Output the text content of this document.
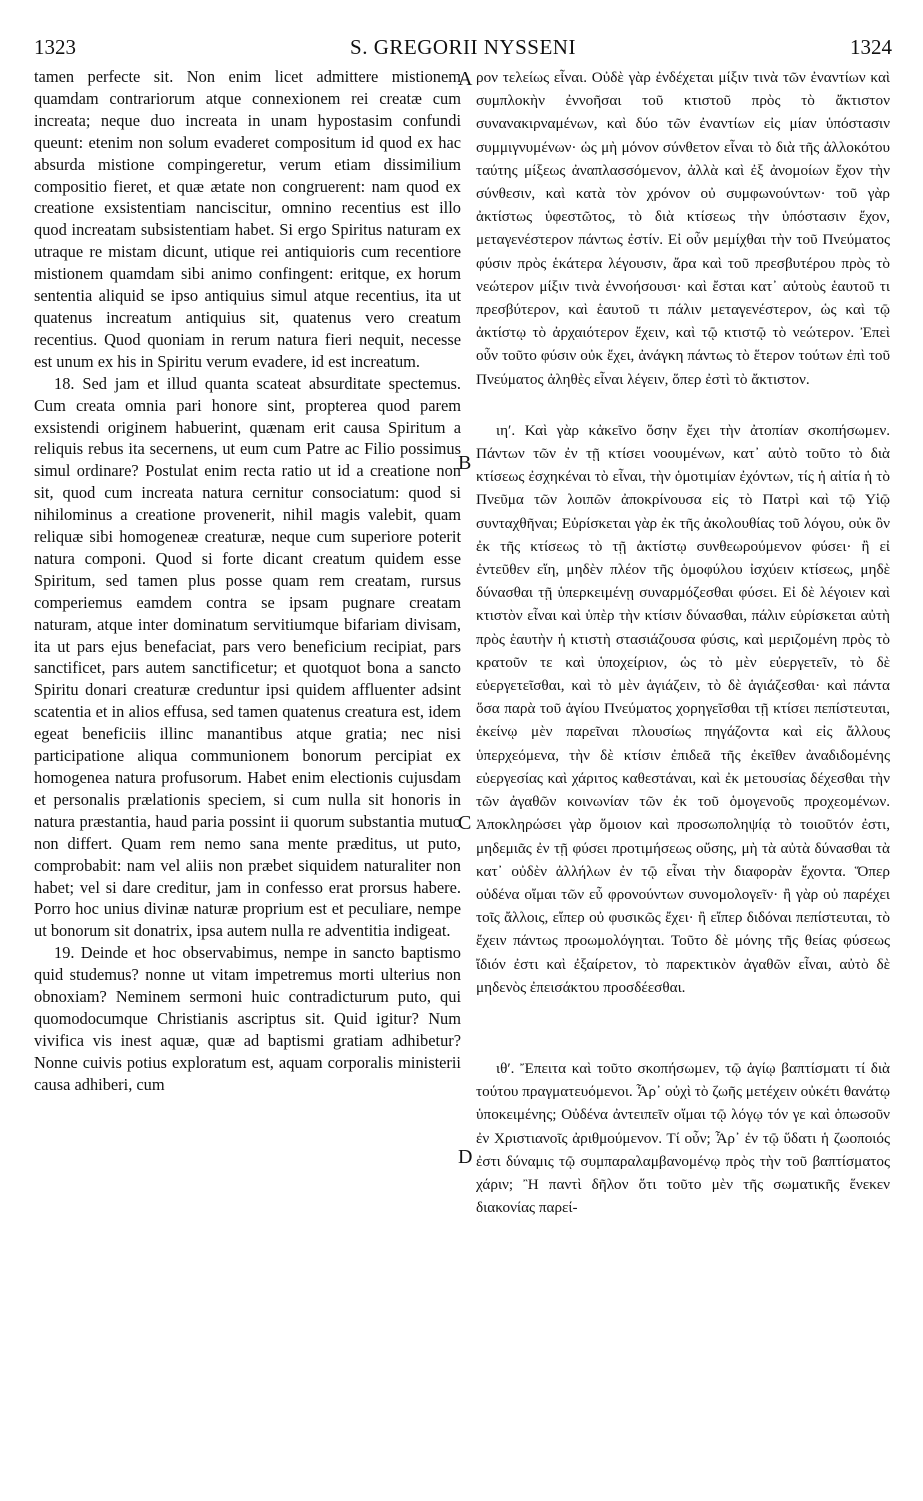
1323	S. GREGORII NYSSENI	1324

tamen perfecte sit. Non enim licet admittere mistionem quamdam contrariorum atque connexionem rei creatæ cum increata; neque duo increata in unam hypostasim confundi queunt: etenim non solum evaderet compositum id quod ex hac absurda mistione compingeretur, verum etiam dissimilium compositio fieret, et quæ ætate non congruerent: nam quod ex creatione exsistentiam nanciscitur, omnino recentius est illo quod increatam subsistentiam habet. Si ergo Spiritus naturam ex utraque re mistam dicunt, utique rei antiquioris cum recentiore mistionem quamdam sibi animo confingent: eritque, ex horum sententia aliquid se ipso antiquius simul atque recentius, ita ut quatenus increatum antiquius sit, quatenus vero creatum recentius. Quod quoniam in rerum natura fieri nequit, necesse est unum ex his in Spiritu verum evadere, id est increatum.

18. Sed jam et illud quanta scateat absurditate spectemus. Cum creata omnia pari honore sint, propterea quod parem exsistendi originem habuerint, quænam erit causa Spiritum a reliquis rebus ita secernens, ut eum cum Patre ac Filio possimus simul ordinare? Postulat enim recta ratio ut id a creatione non sit, quod cum increata natura cernitur consociatum: quod si nihilominus a creatione provenerit, nihil magis valebit, quam reliquæ sibi homogeneæ creaturæ, neque cum superiore poterit natura componi. Quod si forte dicant creatum quidem esse Spiritum, sed tamen plus posse quam rem creatam, rursus comperiemus eamdem contra se ipsam pugnare creatam naturam, atque inter dominatum servitiumque bifariam divisam, ita ut pars ejus benefaciat, pars vero beneficium recipiat, pars sanctificet, pars autem sanctificetur; et quotquot bona a sancto Spiritu donari creaturæ creduntur ipsi quidem affluenter adsint scatentia et in alios effusa, sed tamen quatenus creatura est, idem egeat beneficiis illinc manantibus atque gratia; nec nisi participatione aliqua communionem bonorum percipiat ex homogenea natura profusorum. Habet enim electionis cujusdam et personalis prælationis speciem, si cum nulla sit honoris in natura præstantia, haud paria possint ii quorum substantia mutuo non differt. Quam rem nemo sana mente præditus, ut puto, comprobabit: nam vel aliis non præbet siquidem naturaliter non habet; vel si dare creditur, jam in confesso erat prorsus habere. Porro hoc unius divinæ naturæ proprium est et peculiare, nempe ut bonorum sit donatrix, ipsa autem nulla re adventitia indigeat.

19. Deinde et hoc observabimus, nempe in sancto baptismo quid studemus? nonne ut vitam impetremus morti ulterius non obnoxiam? Neminem sermoni huic contradicturum puto, qui quomodocumque Christianis ascriptus sit. Quid igitur? Num vivifica vis inest aquæ, quæ ad baptismi gratiam adhibetur? Nonne cuivis potius exploratum est, aquam corporalis ministerii causa adhiberi, cum

A
B
C
D

ρον τελείως εἶναι. Οὐδὲ γὰρ ἐνδέχεται μίξιν τινὰ τῶν ἐναντίων καὶ συμπλοκὴν ἐννοῆσαι τοῦ κτιστοῦ πρὸς τὸ ἄκτιστον συνανακιρναμένων, καὶ δύο τῶν ἐναντίων εἰς μίαν ὑπόστασιν συμμιγνυμένων· ὡς μὴ μόνον σύνθετον εἶναι τὸ διὰ τῆς ἀλλοκότου ταύτης μίξεως ἀναπλασσόμενον, ἀλλὰ καὶ ἐξ ἀνομοίων ἔχον τὴν σύνθεσιν, καὶ κατὰ τὸν χρόνον οὐ συμφωνούντων· τοῦ γὰρ ἀκτίστως ὑφεστῶτος, τὸ διὰ κτίσεως τὴν ὑπόστασιν ἔχον, μεταγενέστερον πάντως ἐστίν. Εἰ οὖν μεμίχθαι τὴν τοῦ Πνεύματος φύσιν πρὸς ἑκάτερα λέγουσιν, ἄρα καὶ τοῦ πρεσβυτέρου πρὸς τὸ νεώτερον μίξιν τινὰ ἐννοήσουσι· καὶ ἔσται κατ᾽ αὐτοὺς ἑαυτοῦ τι πρεσβύτερον, καὶ ἑαυτοῦ τι πάλιν μεταγενέστερον, ὡς καὶ τῷ ἀκτίστῳ τὸ ἀρχαιότερον ἔχειν, καὶ τῷ κτιστῷ τὸ νεώτερον. Ἐπεὶ οὖν τοῦτο φύσιν οὐκ ἔχει, ἀνάγκη πάντως τὸ ἕτερον τούτων ἐπὶ τοῦ Πνεύματος ἀληθὲς εἶναι λέγειν, ὅπερ ἐστὶ τὸ ἄκτιστον.

ιη′. Καὶ γὰρ κἀκεῖνο ὅσην ἔχει τὴν ἀτοπίαν σκοπήσωμεν. Πάντων τῶν ἐν τῇ κτίσει νοουμένων, κατ᾽ αὐτὸ τοῦτο τὸ διὰ κτίσεως ἐσχηκέναι τὸ εἶναι, τὴν ὁμοτιμίαν ἐχόντων, τίς ἡ αἰτία ἡ τὸ Πνεῦμα τῶν λοιπῶν ἀποκρίνουσα εἰς τὸ Πατρὶ καὶ τῷ Υἱῷ συνταχθῆναι; Εὑρίσκεται γὰρ ἐκ τῆς ἀκολουθίας τοῦ λόγου, οὐκ ὂν ἐκ τῆς κτίσεως τὸ τῇ ἀκτίστῳ συνθεωρούμενον φύσει· ἢ εἰ ἐντεῦθεν εἴη, μηδὲν πλέον τῆς ὁμοφύλου ἰσχύειν κτίσεως, μηδὲ δύνασθαι τῇ ὑπερκειμένῃ συναρμόζεσθαι φύσει. Εἰ δὲ λέγοιεν καὶ κτιστὸν εἶναι καὶ ὑπὲρ τὴν κτίσιν δύνασθαι, πάλιν εὑρίσκεται αὐτὴ πρὸς ἑαυτὴν ἡ κτιστὴ στασιάζουσα φύσις, καὶ μεριζομένη πρὸς τὸ κρατοῦν τε καὶ ὑποχείριον, ὡς τὸ μὲν εὐεργετεῖν, τὸ δὲ εὐεργετεῖσθαι, καὶ τὸ μὲν ἁγιάζειν, τὸ δὲ ἁγιάζεσθαι· καὶ πάντα ὅσα παρὰ τοῦ ἁγίου Πνεύματος χορηγεῖσθαι τῇ κτίσει πεπίστευται, ἐκείνῳ μὲν παρεῖναι πλουσίως πηγάζοντα καὶ εἰς ἄλλους ὑπερχεόμενα, τὴν δὲ κτίσιν ἐπιδεᾶ τῆς ἐκεῖθεν ἀναδιδομένης εὐεργεσίας καὶ χάριτος καθεστάναι, καὶ ἐκ μετουσίας δέχεσθαι τὴν τῶν ἀγαθῶν κοινωνίαν τῶν ἐκ τοῦ ὁμογενοῦς προχεομένων. Ἀποκληρώσει γὰρ ὅμοιον καὶ προσωποληψίᾳ τὸ τοιοῦτόν ἐστι, μηδεμιᾶς ἐν τῇ φύσει προτιμήσεως οὔσης, μὴ τὰ αὐτὰ δύνασθαι τὰ κατ᾽ οὐδὲν ἀλλήλων ἐν τῷ εἶναι τὴν διαφορὰν ἔχοντα. Ὅπερ οὐδένα οἴμαι τῶν εὖ φρονούντων συνομολογεῖν· ἢ γὰρ οὐ παρέχει τοῖς ἄλλοις, εἴπερ οὐ φυσικῶς ἔχει· ἢ εἴπερ διδόναι πεπίστευται, τὸ ἔχειν πάντως προωμολόγηται. Τοῦτο δὲ μόνης τῆς θείας φύσεως ἴδιόν ἐστι καὶ ἐξαίρετον, τὸ παρεκτικὸν ἀγαθῶν εἶναι, αὐτὸ δὲ μηδενὸς ἐπεισάκτου προσδέεσθαι.

ιθ′. Ἔπειτα καὶ τοῦτο σκοπήσωμεν, τῷ ἁγίῳ βαπτίσματι τί διὰ τούτου πραγματευόμενοι. Ἆρ᾽ οὐχὶ τὸ ζωῆς μετέχειν οὐκέτι θανάτῳ ὑποκειμένης; Οὐδένα ἀντειπεῖν οἴμαι τῷ λόγῳ τόν γε καὶ ὁπωσοῦν ἐν Χριστιανοῖς ἀριθμούμενον. Τί οὖν; Ἆρ᾽ ἐν τῷ ὕδατι ἡ ζωοποιός ἐστι δύναμις τῷ συμπαραλαμβανομένῳ πρὸς τὴν τοῦ βαπτίσματος χάριν; Ἢ παντὶ δῆλον ὅτι τοῦτο μὲν τῆς σωματικῆς ἕνεκεν διακονίας παρεί-
